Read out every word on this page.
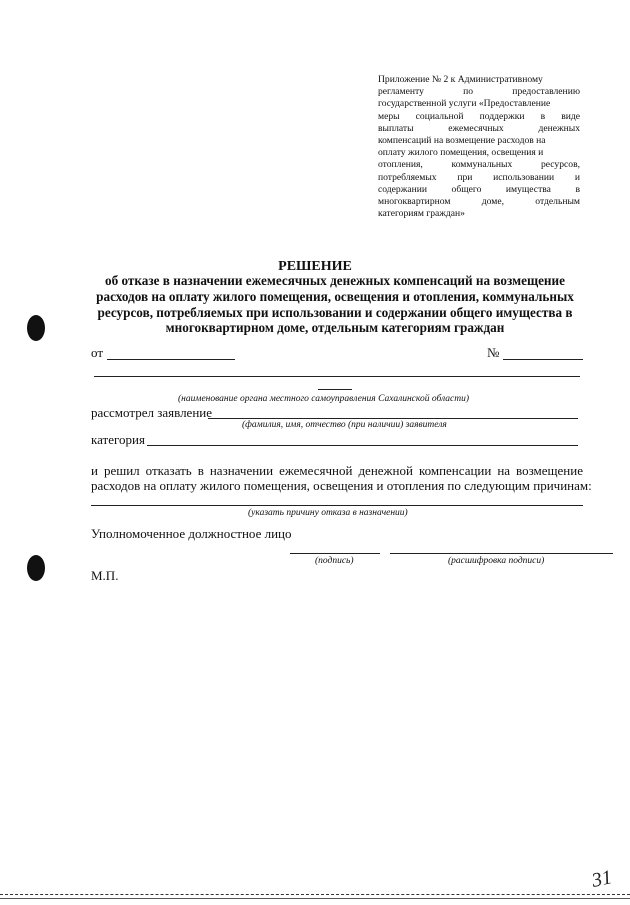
Приложение № 2 к Административному
регламенту по предоставлению
государственной услуги «Предоставление
меры социальной поддержки в виде
выплаты ежемесячных денежных
компенсаций на возмещение расходов на
оплату жилого помещения, освещения и
отопления, коммунальных ресурсов,
потребляемых при использовании и
содержании общего имущества в
многоквартирном доме, отдельным
категориям граждан»
РЕШЕНИЕ
об отказе в назначении ежемесячных денежных компенсаций на возмещение
расходов на оплату жилого помещения, освещения и отопления, коммунальных
ресурсов, потребляемых при использовании и содержании общего имущества в
многоквартирном доме, отдельным категориям граждан
от	№
(наименование органа местного самоуправления Сахалинской области)
рассмотрел заявление
(фамилия, имя, отчество (при наличии) заявителя
категория
и решил отказать в назначении ежемесячной денежной компенсации на возмещение
расходов на оплату жилого помещения, освещения и отопления по следующим причинам:
(указать причину отказа в назначении)
Уполномоченное должностное лицо
(подпись)	(расшифровка подписи)
М.П.
31
